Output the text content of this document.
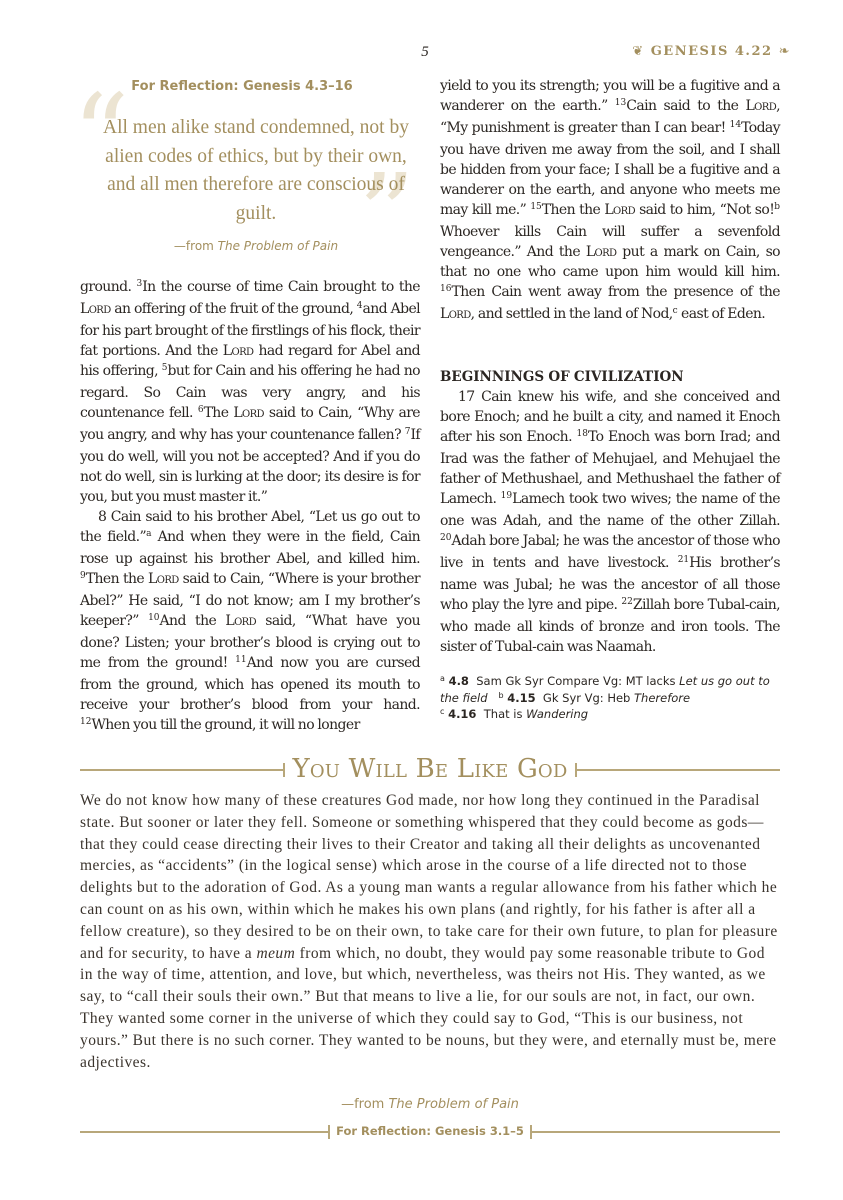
5	❦ GENESIS 4.22 ❧
For Reflection: Genesis 4.3–16
“
”
All men alike stand condemned, not by alien codes of ethics, but by their own, and all men therefore are conscious of guilt.
—from The Problem of Pain

ground. $^3$In the course of time Cain brought to the Lord an offering of the fruit of the ground, $^4$and Abel for his part brought of the firstlings of his flock, their fat portions. And the Lord had regard for Abel and his offering, $^5$but for Cain and his offering he had no regard. So Cain was very angry, and his countenance fell. $^6$The Lord said to Cain, “Why are you angry, and why has your countenance fallen? $^7$If you do well, will you not be accepted? And if you do not do well, sin is lurking at the door; its desire is for you, but you must master it.”

8 Cain said to his brother Abel, “Let us go out to the field.”$^a$ And when they were in the field, Cain rose up against his brother Abel, and killed him. $^9$Then the Lord said to Cain, “Where is your brother Abel?” He said, “I do not know; am I my brother’s keeper?” $^{10}$And the Lord said, “What have you done? Listen; your brother’s blood is crying out to me from the ground! $^{11}$And now you are cursed from the ground, which has opened its mouth to receive your brother’s blood from your hand. $^{12}$When you till the ground, it will no longer

yield to you its strength; you will be a fugitive and a wanderer on the earth.” $^{13}$Cain said to the Lord, “My punishment is greater than I can bear! $^{14}$Today you have driven me away from the soil, and I shall be hidden from your face; I shall be a fugitive and a wanderer on the earth, and anyone who meets me may kill me.” $^{15}$Then the Lord said to him, “Not so!$^b$ Whoever kills Cain will suffer a sevenfold vengeance.” And the Lord put a mark on Cain, so that no one who came upon him would kill him. $^{16}$Then Cain went away from the presence of the Lord, and settled in the land of Nod,$^c$ east of Eden.

BEGINNINGS OF CIVILIZATION

17 Cain knew his wife, and she conceived and bore Enoch; and he built a city, and named it Enoch after his son Enoch. $^{18}$To Enoch was born Irad; and Irad was the father of Mehujael, and Mehujael the father of Methushael, and Methushael the father of Lamech. $^{19}$Lamech took two wives; the name of the one was Adah, and the name of the other Zillah. $^{20}$Adah bore Jabal; he was the ancestor of those who live in tents and have livestock. $^{21}$His brother’s name was Jubal; he was the ancestor of all those who play the lyre and pipe. $^{22}$Zillah bore Tubal-cain, who made all kinds of bronze and iron tools. The sister of Tubal-cain was Naamah.

$^a$ 4.8 Sam Gk Syr Compare Vg: MT lacks Let us go out to the field $^b$ 4.15 Gk Syr Vg: Heb Therefore

$^c$ 4.16 That is Wandering

You Will Be Like God
We do not know how many of these creatures God made, nor how long they continued in the Paradisal state. But sooner or later they fell. Someone or something whispered that they could become as gods—that they could cease directing their lives to their Creator and taking all their delights as uncovenanted mercies, as “accidents” (in the logical sense) which arose in the course of a life directed not to those delights but to the adoration of God. As a young man wants a regular allowance from his father which he can count on as his own, within which he makes his own plans (and rightly, for his father is after all a fellow creature), so they desired to be on their own, to take care for their own future, to plan for pleasure and for security, to have a meum from which, no doubt, they would pay some reasonable tribute to God in the way of time, attention, and love, but which, nevertheless, was theirs not His. They wanted, as we say, to “call their souls their own.” But that means to live a lie, for our souls are not, in fact, our own. They wanted some corner in the universe of which they could say to God, “This is our business, not yours.” But there is no such corner. They wanted to be nouns, but they were, and eternally must be, mere adjectives.
—from The Problem of Pain
For Reflection: Genesis 3.1–5
